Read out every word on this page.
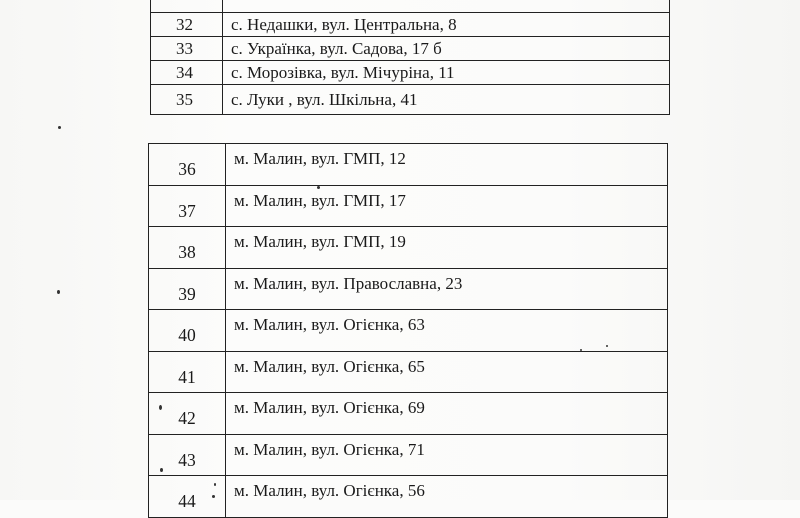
32	с. Недашки, вул. Центральна, 8
33	с. Українка, вул. Садова, 17 б
34	с. Морозівка, вул. Мічуріна, 11
35	с. Луки , вул. Шкільна, 41
36	м. Малин, вул. ГМП, 12
37	м. Малин, вул. ГМП, 17
38	м. Малин, вул. ГМП, 19
39	м. Малин, вул. Православна, 23
40	м. Малин, вул. Огієнка, 63
41	м. Малин, вул. Огієнка, 65
42	м. Малин, вул. Огієнка, 69
43	м. Малин, вул. Огієнка, 71
44	м. Малин, вул. Огієнка, 56
